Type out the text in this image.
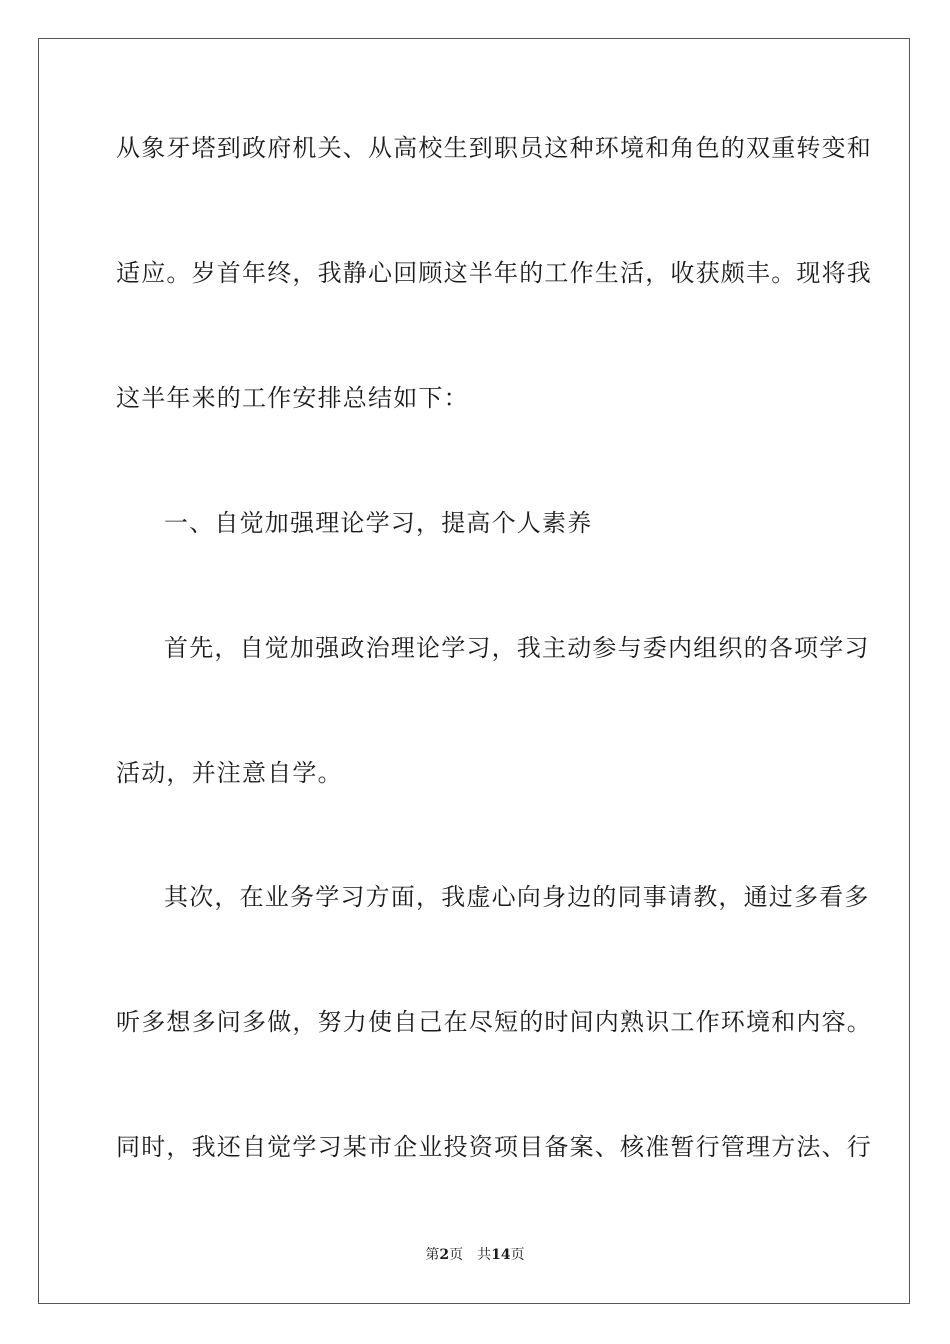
从象牙塔到政府机关、从高校生到职员这种环境和角色的双重转变和
适应。岁首年终，我静心回顾这半年的工作生活，收获颇丰。现将我
这半年来的工作安排总结如下：
一、自觉加强理论学习，提高个人素养
首先，自觉加强政治理论学习，我主动参与委内组织的各项学习
活动，并注意自学。
其次，在业务学习方面，我虚心向身边的同事请教，通过多看多
听多想多问多做，努力使自己在尽短的时间内熟识工作环境和内容。
同时，我还自觉学习某市企业投资项目备案、核准暂行管理方法、行
第2页 共14页
